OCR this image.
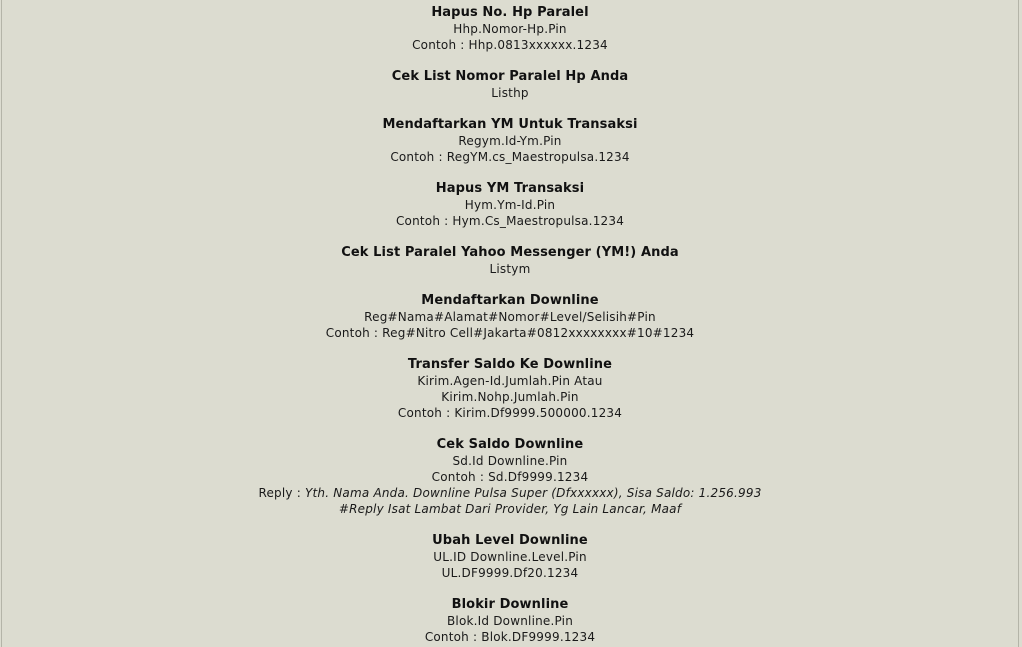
Hapus No. Hp Paralel
Hhp.Nomor-Hp.Pin
Contoh : Hhp.0813xxxxxx.1234
Cek List Nomor Paralel Hp Anda
Listhp
Mendaftarkan YM Untuk Transaksi
Regym.Id-Ym.Pin
Contoh : RegYM.cs_Maestropulsa.1234
Hapus YM Transaksi
Hym.Ym-Id.Pin
Contoh : Hym.Cs_Maestropulsa.1234
Cek List Paralel Yahoo Messenger (YM!) Anda
Listym
Mendaftarkan Downline
Reg#Nama#Alamat#Nomor#Level/Selisih#Pin
Contoh : Reg#Nitro Cell#Jakarta#0812xxxxxxxx#10#1234
Transfer Saldo Ke Downline
Kirim.Agen-Id.Jumlah.Pin Atau
Kirim.Nohp.Jumlah.Pin
Contoh : Kirim.Df9999.500000.1234
Cek Saldo Downline
Sd.Id Downline.Pin
Contoh : Sd.Df9999.1234
Reply : Yth. Nama Anda. Downline Pulsa Super (Dfxxxxxx), Sisa Saldo: 1.256.993
#Reply Isat Lambat Dari Provider, Yg Lain Lancar, Maaf
Ubah Level Downline
UL.ID Downline.Level.Pin
UL.DF9999.Df20.1234
Blokir Downline
Blok.Id Downline.Pin
Contoh : Blok.DF9999.1234
